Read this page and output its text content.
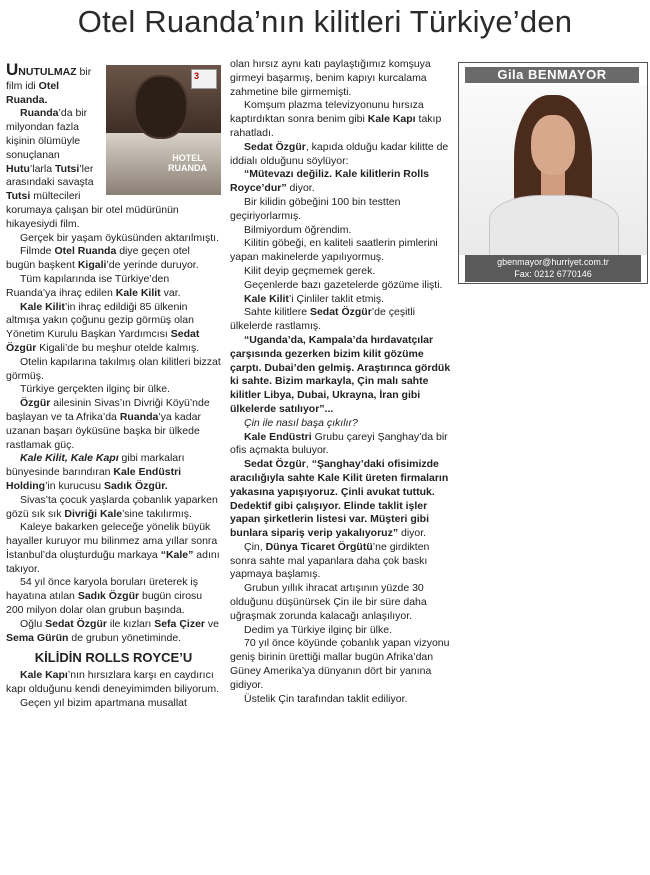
Otel Ruanda’nın kilitleri Türkiye’den
3
HOTEL
RUANDA

UNUTULMAZ bir film idi Otel Ruanda.

Ruanda’da bir milyondan fazla kişinin ölümüyle sonuçlanan Hutu’larla Tutsi’ler arasındaki savaşta Tutsi mültecileri korumaya çalışan bir otel müdürünün hikayesiydi film.

Gerçek bir yaşam öyküsünden aktarılmıştı.

Filmde Otel Ruanda diye geçen otel bugün başkent Kigali’de yerinde duruyor.

Tüm kapılarında ise Türkiye’den Ruanda’ya ihraç edilen Kale Kilit var.

Kale Kilit’in ihraç edildiği 85 ülkenin altmışa yakın çoğunu gezip görmüş olan Yönetim Kurulu Başkan Yardımcısı Sedat Özgür Kigali’de bu meşhur otelde kalmış.

Otelin kapılarına takılmış olan kilitleri bizzat görmüş.

Türkiye gerçekten ilginç bir ülke.

Özgür ailesinin Sivas’ın Divriği Köyü’nde başlayan ve ta Afrika’da Ruanda’ya kadar uzanan başarı öyküsüne başka bir ülkede rastlamak güç.

Kale Kilit, Kale Kapı gibi markaları bünyesinde barındıran Kale Endüstri Holding’in kurucusu Sadık Özgür.

Sivas’ta çocuk yaşlarda çobanlık yaparken gözü sık sık Divriği Kale’sine takılırmış.

Kaleye bakarken geleceğe yönelik büyük hayaller kuruyor mu bilinmez ama yıllar sonra İstanbul’da oluşturduğu markaya “Kale” adını takıyor.

54 yıl önce karyola boruları üreterek iş hayatına atılan Sadık Özgür bugün cirosu 200 milyon dolar olan grubun başında.

Oğlu Sedat Özgür ile kızları Sefa Çizer ve Sema Gürün de grubun yönetiminde.

KİLİDİN ROLLS ROYCE’U

Kale Kapı’nın hırsızlara karşı en caydırıcı kapı olduğunu kendi deneyimimden biliyorum.

Geçen yıl bizim apartmana musallat

olan hırsız aynı katı paylaştığımız komşuya girmeyi başarmış, benim kapıyı kurcalama zahmetine bile girmemişti.

Komşum plazma televizyonunu hırsıza kaptırdıktan sonra benim gibi Kale Kapı takıp rahatladı.

Sedat Özgür, kapıda olduğu kadar kilitte de iddialı olduğunu söylüyor:

“Mütevazı değiliz. Kale kilitlerin Rolls Royce’dur” diyor.

Bir kilidin göbeğini 100 bin testten geçiriyorlarmış.

Bilmiyordum öğrendim.

Kilitin göbeği, en kaliteli saatlerin pimlerini yapan makinelerde yapılıyormuş.

Kilit deyip geçmemek gerek.

Geçenlerde bazı gazetelerde gözüme ilişti.

Kale Kilit’i Çinliler taklit etmiş.

Sahte kilitlere Sedat Özgür’de çeşitli ülkelerde rastlamış.

“Uganda’da, Kampala’da hırdavatçılar çarşısında gezerken bizim kilit gözüme çarptı. Dubai’den gelmiş. Araştırınca gördük ki sahte. Bizim markayla, Çin malı sahte kilitler Libya, Dubai, Ukrayna, İran gibi ülkelerde satılıyor”...

Çin ile nasıl başa çıkılır?

Kale Endüstri Grubu çareyi Şanghay’da bir ofis açmakta buluyor.

Sedat Özgür, “Şanghay’daki ofisimizde aracılığıyla sahte Kale Kilit üreten firmaların yakasına yapışıyoruz. Çinli avukat tuttuk. Dedektif gibi çalışıyor. Elinde taklit işler yapan şirketlerin listesi var. Müşteri gibi bunlara sipariş verip yakalıyoruz” diyor.

Çin, Dünya Ticaret Örgütü’ne girdikten sonra sahte mal yapanlara daha çok baskı yapmaya başlamış.

Grubun yıllık ihracat artışının yüzde 30 olduğunu düşünürsek Çin ile bir süre daha uğraşmak zorunda kalacağı anlaşılıyor.

Dedim ya Türkiye ilginç bir ülke.

70 yıl önce köyünde çobanlık yapan vizyonu geniş birinin ürettiği mallar bugün Afrika’dan Güney Amerika’ya dünyanın dört bir yanına gidiyor.

Üstelik Çin tarafından taklit ediliyor.

Gila BENMAYOR
gbenmayor@hurriyet.com.tr
Fax: 0212 6770146
